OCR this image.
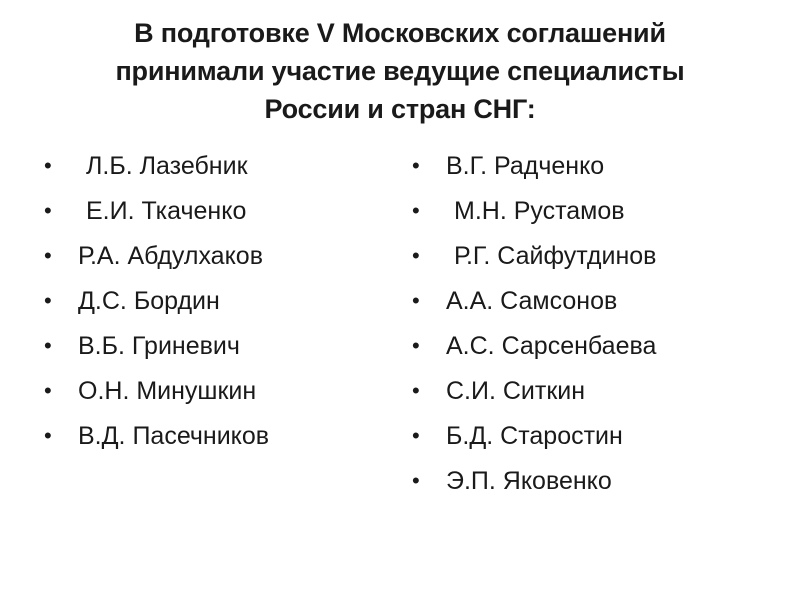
В подготовке V Московских соглашений
принимали участие ведущие специалисты
России и стран СНГ:
•	Л.Б. Лазебник
•	Е.И. Ткаченко
•	Р.А. Абдулхаков
•	Д.С. Бордин
•	В.Б. Гриневич
•	О.Н. Минушкин
•	В.Д. Пасечников
•	В.Г. Радченко
•	М.Н. Рустамов
•	Р.Г. Сайфутдинов
•	А.А. Самсонов
•	А.С. Сарсенбаева
•	С.И. Ситкин
•	Б.Д. Старостин
•	Э.П. Яковенко
